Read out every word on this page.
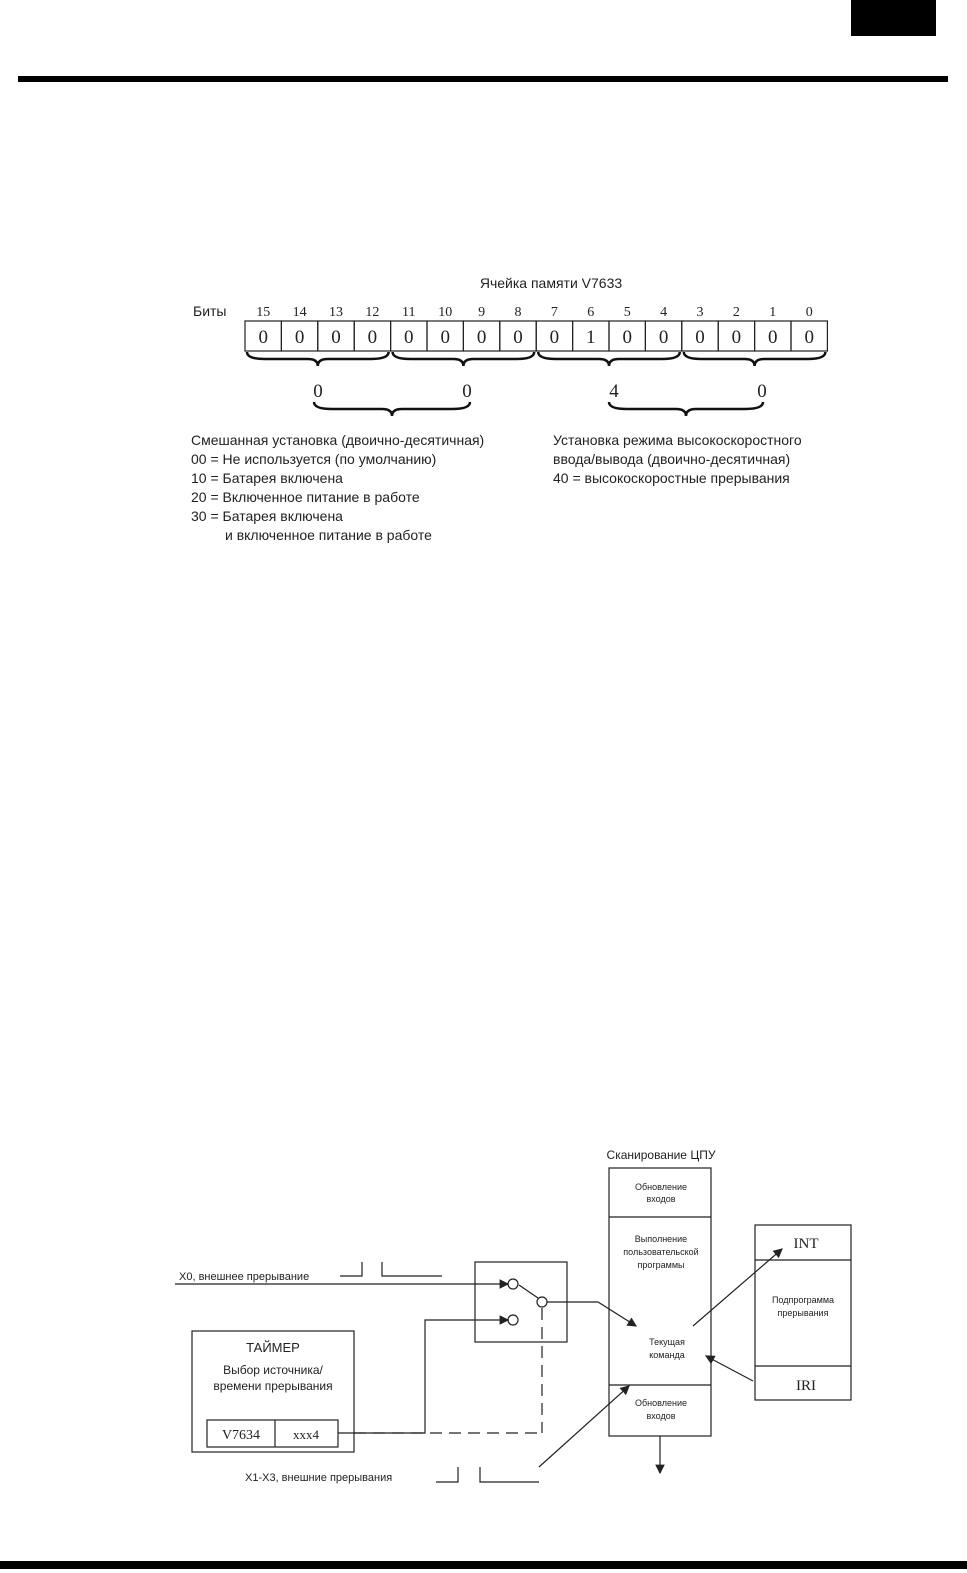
Ячейка памяти V7633
Биты 15 14 13 12 11 10 9 8 7 6 5 4 3 2 1 0
0 0 0 0 0 0 0 0 0 1 0 0 0 0 0 0
0	0	4	0
Смешанная установка (двоично-десятичная)
00 = Не используется (по умолчанию)
10 = Батарея включена
20 = Включенное питание в работе
30 = Батарея включена
и включенное питание в работе
Установка режима высокоскоростного
ввода/вывода (двоично-десятичная)
40 = высокоскоростные прерывания
Сканирование ЦПУ
Обновление
входов
Выполнение
пользовательской
программы
Текущая
команда
Обновление
входов
INT
Подпрограмма
прерывания
IRI
X0, внешнее прерывание
ТАЙМЕР
Выбор источника/
времени прерывания
V7634	xxx4
X1-X3, внешние прерывания
